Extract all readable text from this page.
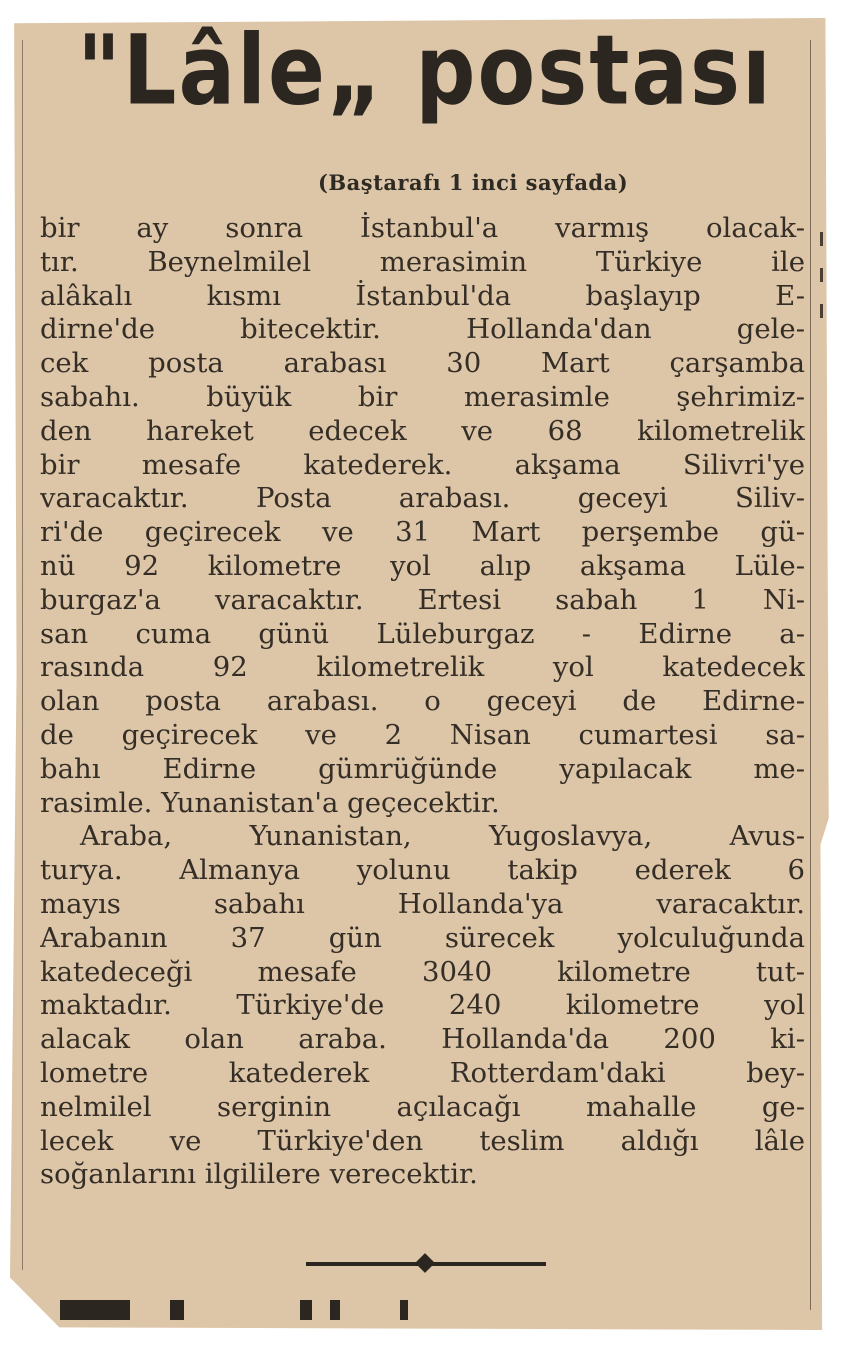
"Lâle„ postası
(Baştarafı 1 inci sayfada)

bir ay sonra İstanbul'a varmış olacak-

tır. Beynelmilel merasimin Türkiye ile

alâkalı kısmı İstanbul'da başlayıp E-

dirne'de bitecektir. Hollanda'dan gele-

cek posta arabası 30 Mart çarşamba

sabahı. büyük bir merasimle şehrimiz-

den hareket edecek ve 68 kilometrelik

bir mesafe katederek. akşama Silivri'ye

varacaktır. Posta arabası. geceyi Siliv-

ri'de geçirecek ve 31 Mart perşembe gü-

nü 92 kilometre yol alıp akşama Lüle-

burgaz'a varacaktır. Ertesi sabah 1 Ni-

san cuma günü Lüleburgaz - Edirne a-

rasında 92 kilometrelik yol katedecek

olan posta arabası. o geceyi de Edirne-

de geçirecek ve 2 Nisan cumartesi sa-

bahı Edirne gümrüğünde yapılacak me-

rasimle. Yunanistan'a geçecektir.

Araba, Yunanistan, Yugoslavya, Avus-

turya. Almanya yolunu takip ederek 6

mayıs sabahı Hollanda'ya varacaktır.

Arabanın 37 gün sürecek yolculuğunda

katedeceği mesafe 3040 kilometre tut-

maktadır. Türkiye'de 240 kilometre yol

alacak olan araba. Hollanda'da 200 ki-

lometre katederek Rotterdam'daki bey-

nelmilel serginin açılacağı mahalle ge-

lecek ve Türkiye'den teslim aldığı lâle

soğanlarını ilgililere verecektir.
